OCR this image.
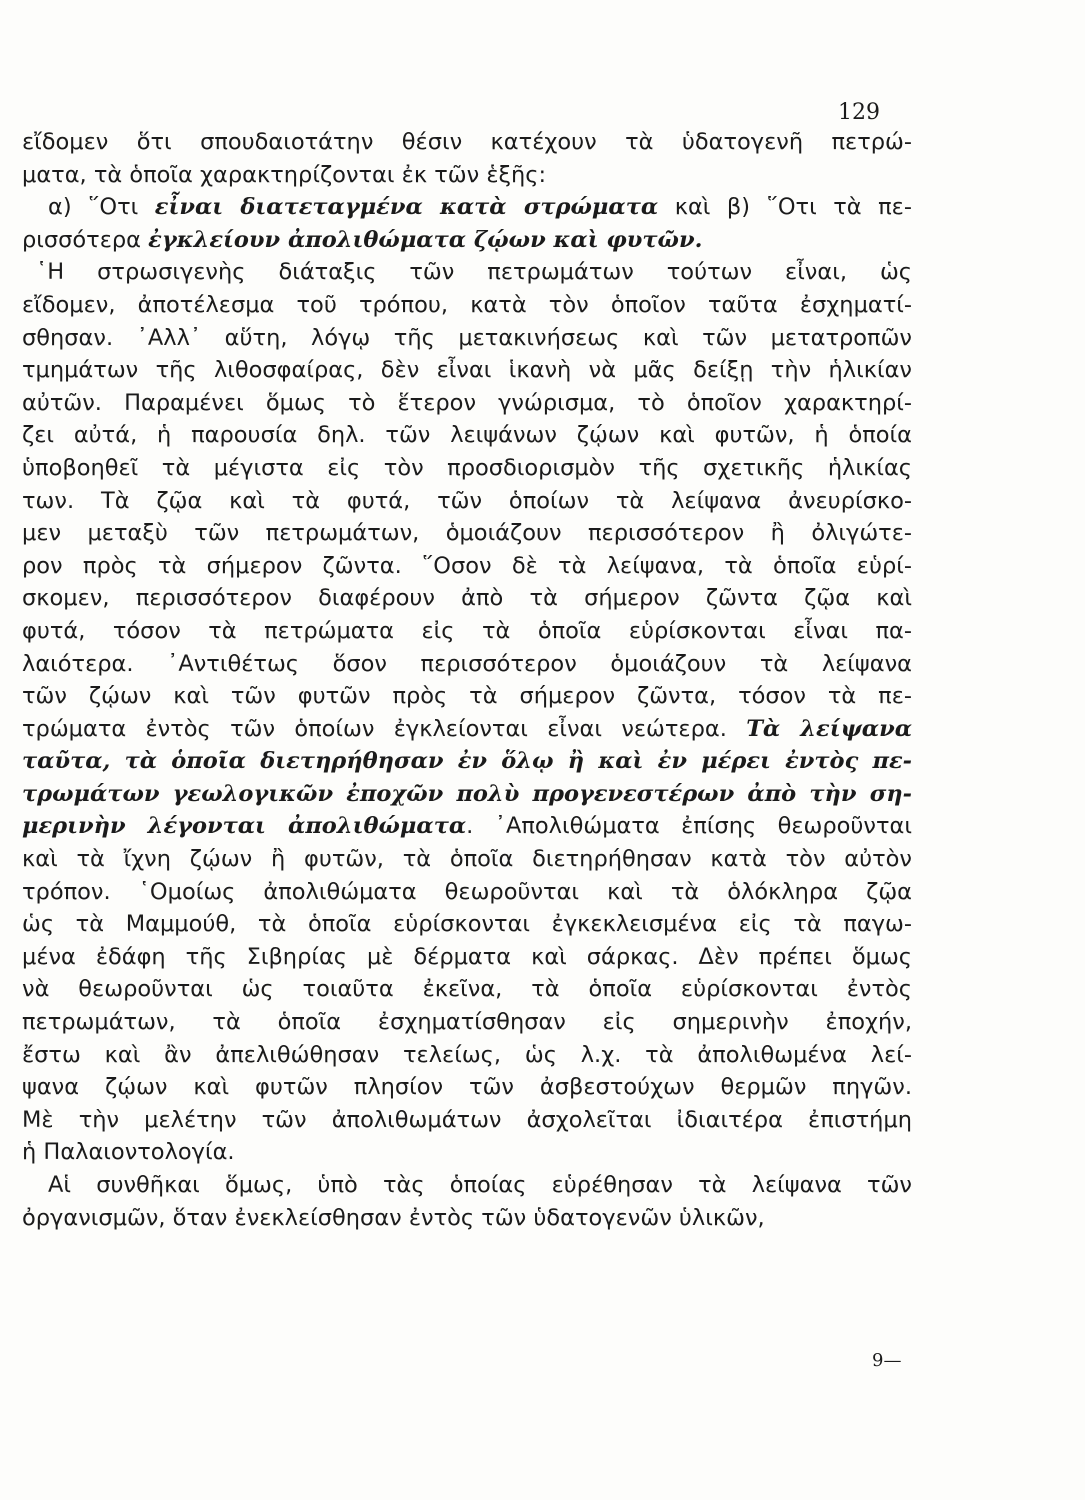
129
εἴδομεν ὅτι σπουδαιοτάτην θέσιν κατέχουν τὰ ὑδατογενῆ πετρώ-
ματα, τὰ ὁποῖα χαρακτηρίζονται ἐκ τῶν ἑξῆς:
α) ῞Οτι εἶναι διατεταγμένα κατὰ στρώματα καὶ β) ῞Οτι τὰ πε-
ρισσότερα ἐγκλείουν ἀπολιθώματα ζῴων καὶ φυτῶν.
῾Η στρωσιγενὴς διάταξις τῶν πετρωμάτων τούτων εἶναι, ὡς
εἴδομεν, ἀποτέλεσμα τοῦ τρόπου, κατὰ τὸν ὁποῖον ταῦτα ἐσχηματί-
σθησαν. ᾿Αλλ᾿ αὕτη, λόγῳ τῆς μετακινήσεως καὶ τῶν μετατροπῶν
τμημάτων τῆς λιθοσφαίρας, δὲν εἶναι ἱκανὴ νὰ μᾶς δείξῃ τὴν ἡλικίαν
αὐτῶν. Παραμένει ὅμως τὸ ἕτερον γνώρισμα, τὸ ὁποῖον χαρακτηρί-
ζει αὐτά, ἡ παρουσία δηλ. τῶν λειψάνων ζῴων καὶ φυτῶν, ἡ ὁποία
ὑποβοηθεῖ τὰ μέγιστα εἰς τὸν προσδιορισμὸν τῆς σχετικῆς ἡλικίας
των. Τὰ ζῷα καὶ τὰ φυτά, τῶν ὁποίων τὰ λείψανα ἀνευρίσκο-
μεν μεταξὺ τῶν πετρωμάτων, ὁμοιάζουν περισσότερον ἢ ὀλιγώτε-
ρον πρὸς τὰ σήμερον ζῶντα. ῞Οσον δὲ τὰ λείψανα, τὰ ὁποῖα εὑρί-
σκομεν, περισσότερον διαφέρουν ἀπὸ τὰ σήμερον ζῶντα ζῷα καὶ
φυτά, τόσον τὰ πετρώματα εἰς τὰ ὁποῖα εὑρίσκονται εἶναι πα-
λαιότερα. ᾿Αντιθέτως ὅσον περισσότερον ὁμοιάζουν τὰ λείψανα
τῶν ζῴων καὶ τῶν φυτῶν πρὸς τὰ σήμερον ζῶντα, τόσον τὰ πε-
τρώματα ἐντὸς τῶν ὁποίων ἐγκλείονται εἶναι νεώτερα. Τὰ λείψανα
ταῦτα, τὰ ὁποῖα διετηρήθησαν ἐν ὅλῳ ἢ καὶ ἐν μέρει ἐντὸς πε-
τρωμάτων γεωλογικῶν ἐποχῶν πολὺ προγενεστέρων ἀπὸ τὴν ση-
μερινὴν λέγονται ἀπολιθώματα. ᾿Απολιθώματα ἐπίσης θεωροῦνται
καὶ τὰ ἴχνη ζῴων ἢ φυτῶν, τὰ ὁποῖα διετηρήθησαν κατὰ τὸν αὐτὸν
τρόπον. ῾Ομοίως ἀπολιθώματα θεωροῦνται καὶ τὰ ὁλόκληρα ζῷα
ὡς τὰ Μαμμούθ, τὰ ὁποῖα εὑρίσκονται ἐγκεκλεισμένα εἰς τὰ παγω-
μένα ἐδάφη τῆς Σιβηρίας μὲ δέρματα καὶ σάρκας. Δὲν πρέπει ὅμως
νὰ θεωροῦνται ὡς τοιαῦτα ἐκεῖνα, τὰ ὁποῖα εὑρίσκονται ἐντὸς
πετρωμάτων, τὰ ὁποῖα ἐσχηματίσθησαν εἰς σημερινὴν ἐποχήν,
ἔστω καὶ ἂν ἀπελιθώθησαν τελείως, ὡς λ.χ. τὰ ἀπολιθωμένα λεί-
ψανα ζῴων καὶ φυτῶν πλησίον τῶν ἀσβεστούχων θερμῶν πηγῶν.
Μὲ τὴν μελέτην τῶν ἀπολιθωμάτων ἀσχολεῖται ἰδιαιτέρα ἐπιστήμη
ἡ Παλαιοντολογία.
Αἱ συνθῆκαι ὅμως, ὑπὸ τὰς ὁποίας εὑρέθησαν τὰ λείψανα τῶν
ὀργανισμῶν, ὅταν ἐνεκλείσθησαν ἐντὸς τῶν ὑδατογενῶν ὑλικῶν,
9—
